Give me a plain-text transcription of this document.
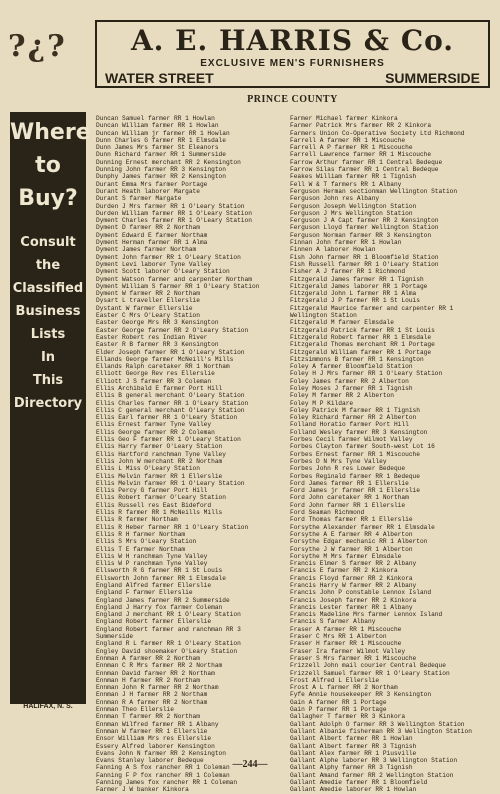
?¿?	A. E. HARRIS & Co.
EXCLUSIVE MEN'S FURNISHERS
WATER STREET	SUMMERSIDE
PRINCE COUNTY
Where
to
Buy?
Consult
the
Classified
Business
Lists
In
This
Directory
PUBLISHED BY
MIGHT
DIRECTORIES
ATLANTIC
LIMITED
183 Hollis Street
HALIFAX, N. S.
Duncan Samuel farmer RR 1 Howlan
Duncan William farmer RR 1 Howlan
Duncan William jr farmer RR 1 Howlan
Dunn Charles G farmer RR 1 Elmsdale
Dunn James Mrs farmer St Eleanors
Dunn Richard farmer RR 1 Summerside
Dunning Ernest merchant RR 2 Kensington
Dunning John farmer RR 3 Kensington
Dunphy James farmer RR 2 Kensington
Durant Emma Mrs farmer Portage
Durant Heath laborer Margate
Durant S farmer Margate
Durden J Mrs farmer RR 1 O'Leary Station
Durden William farmer RR 1 O'Leary Station
Dyment Charles farmer RR 1 O'Leary Station
Dyment D farmer RR 2 Northam
Dyment Edward E farmer Northam
Dyment Herman farmer RR 1 Alma
Dyment James farmer Northam
Dyment John farmer RR 1 O'Leary Station
Dyment Levi laborer Tyne Valley
Dyment Scott laborer O'Leary Station
Dyment Watson farmer and carpenter Northam
Dyment William S farmer RR 1 O'Leary Station
Dyment W farmer RR 2 Northam
Dysart L traveller Ellerslie
Dystant W farmer Ellerslie
Easter C Mrs O'Leary Station
Easter George Mrs RR 3 Kensington
Easter George farmer RR 2 O'Leary Station
Easter Robert res Indian River
Easter R B farmer RR 3 Kensington
Elder Joseph farmer RR 1 O'Leary Station
Ellands George farmer McNeill's Mills
Ellands Ralph caretaker RR 1 Northam
Elliott George Rev res Ellerslie
Elliott J S farmer RR 3 Coleman
Ellis Archibald E farmer Port Hill
Ellis B general merchant O'Leary Station
Ellis Charles farmer RR 1 O'Leary Station
Ellis C general merchant O'Leary Station
Ellis Earl farmer RR 1 O'Leary Station
Ellis Ernest farmer Tyne Valley
Ellis George farmer RR 2 Coleman
Ellis Geo F farmer RR 1 O'Leary Station
Ellis Harry farmer O'Leary Station
Ellis Hartford ranchman Tyne Valley
Ellis John W merchant RR 2 Northam
Ellis L Miss O'Leary Station
Ellis Melvin farmer RR 1 Ellerslie
Ellis Melvin farmer RR 1 O'Leary Station
Ellis Percy G farmer Port Hill
Ellis Robert farmer O'Leary Station
Ellis Russell res East Bideford
Ellis R farmer RR 1 McNeills Mills
Ellis R farmer Northam
Ellis R Heber farmer RR 1 O'Leary Station
Ellis R H farmer Northam
Ellis S Mrs O'Leary Station
Ellis T E farmer Northam
Ellis W H ranchman Tyne Valley
Ellis W P ranchman Tyne Valley
Ellsworth R G farmer RR 1 St Louis
Ellsworth John farmer RR 1 Elmsdale
England Alfred farmer Ellerslie
England F farmer Ellerslie
England James farmer RR 2 Summerside
England J Harry fox farmer Coleman
England J merchant RR 1 O'Leary Station
England Robert farmer Ellerslie
England Robert farmer and ranchman RR 3
Summerside
England R L farmer RR 1 O'Leary Station
Engley David shoemaker O'Leary Station
Ennman A farmer RR 2 Northam
Ennman C R Mrs farmer RR 2 Northam
Ennman David farmer RR 2 Northam
Ennman H farmer RR 2 Northam
Ennman John R farmer RR 2 Northam
Ennman J H farmer RR 2 Northam
Ennman R A farmer RR 2 Northam
Ennman Theo Ellerslie
Ennman T farmer RR 2 Northam
Ennman Wilfred farmer RR 1 Albany
Ennman W farmer RR 1 Ellerslie
Ensor William Mrs res Ellerslie
Essery Alfred laborer Kensington
Evans John N farmer RR 2 Kensington
Evans Stanley laborer Bedeque
Fanning A S fox rancher RR 1 Coleman
Fanning F P fox rancher RR 1 Coleman
Fanning James fox rancher RR 1 Coleman
Farmer J W banker Kinkora
Farmer Michael farmer Kinkora
Farmer Patrick Mrs farmer RR 2 Kinkora
Farmers Union Co-Operative Society Ltd Richmond
Farrell A farmer RR 1 Miscouche
Farrell A P farmer RR 1 Miscouche
Farrell Lawrence farmer RR 1 Miscouche
Farrow Arthur farmer RR 1 Central Bedeque
Farrow Silas farmer RR 1 Central Bedeque
Feakes William farmer RR 1 Tignish
Fell W & T farmers RR 1 Albany
Ferguson Herman sectionman Wellington Station
Ferguson John res Albany
Ferguson Joseph Wellington Station
Ferguson J Mrs Wellington Station
Ferguson J A Capt farmer RR 2 Kensington
Ferguson Lloyd farmer Wellington Station
Ferguson Norman farmer RR 3 Kensington
Finnan John farmer RR 1 Howlan
Finnen A laborer Howlan
Fish John farmer RR 1 Bloomfield Station
Fish Russell farmer RR 1 O'Leary Station
Fisher A J farmer RR 1 Richmond
Fitzgerald James farmer RR 1 Tignish
Fitzgerald James laborer RR 1 Portage
Fitzgerald John L farmer RR 1 Alma
Fitzgerald J P farmer RR 1 St Louis
Fitzgerald Maurice farmer and carpenter RR 1
Wellington Station
Fitzgerald M farmer Elmsdale
Fitzgerald Patrick farmer RR 1 St Louis
Fitzgerald Robert farmer RR 1 Elmsdale
Fitzgerald Thomas merchant RR 1 Portage
Fitzgerald William farmer RR 1 Portage
Fitzsimmons B farmer RR 1 Kensington
Foley A farmer Bloomfield Station
Foley H J Mrs farmer RR 1 O'Leary Station
Foley James farmer RR 2 Alberton
Foley Moses J farmer RR 1 Tignish
Foley M farmer RR 2 Alberton
Foley M P Kildare
Foley Patrick M farmer RR 1 Tignish
Foley Richard farmer RR 2 Alberton
Folland Horatio farmer Port Hill
Folland Wesley farmer RR 3 Kensington
Forbes Cecil farmer Wilmot Valley
Forbes Clayton farmer South-west Lot 16
Forbes Ernest farmer RR 1 Miscouche
Forbes D N Mrs Tyne Valley
Forbes John R res Lower Bedeque
Forbes Reginald farmer RR 1 Bedeque
Ford James farmer RR 1 Ellerslie
Ford James jr farmer RR 1 Ellerslie
Ford John caretaker RR 1 Northam
Ford John farmer RR 1 Ellerslie
Ford Seaman Richmond
Ford Thomas farmer RR 1 Ellerslie
Forsythe Alexander farmer RR 1 Elmsdale
Forsythe A E farmer RR 4 Alberton
Forsythe Edgar mechanic RR 1 Alberton
Forsythe J W farmer RR 1 Alberton
Forsythe M Mrs farmer Elmsdale
Francis Elmer S farmer RR 2 Albany
Francis E farmer RR 2 Kinkora
Francis Floyd farmer RR 2 Kinkora
Francis Harry W farmer RR 2 Albany
Francis John P constable Lennox Island
Francis Joseph farmer RR 2 Kinkora
Francis Lester farmer RR 1 Albany
Francis Madeline Mrs farmer Lennox Island
Francis S farmer Albany
Fraser A farmer RR 1 Miscouche
Fraser C Mrs RR 1 Alberton
Fraser H farmer RR 1 Miscouche
Fraser Ira farmer Wilmot Valley
Fraser S Mrs farmer RR 1 Miscouche
Frizzell John mail courier Central Bedeque
Frizzell Samuel farmer RR 1 O'Leary Station
Frost Alfred L Ellerslie
Frost A L farmer RR 2 Northam
Fyfe Annie housekeeper RR 3 Kensington
Gain A farmer RR 1 Portage
Gain P farmer RR 1 Portage
Gallagher T farmer RR 3 Kinkora
Gallant Adolph O farmer RR 3 Wellington Station
Gallant Albanie fisherman RR 3 Wellington Station
Gallant Albert farmer RR 1 Howlan
Gallant Albert farmer RR 3 Tignish
Gallant Alex farmer RR 1 Piusville
Gallant Alphe laborer RR 3 Wellington Station
Gallant Alphy farmer RR 3 Tignish
Gallant Amand farmer RR 2 Wellington Station
Gallant Amedie farmer RR 1 Bloomfield
Gallant Amedie laborer RR 1 Howlan
—244—
